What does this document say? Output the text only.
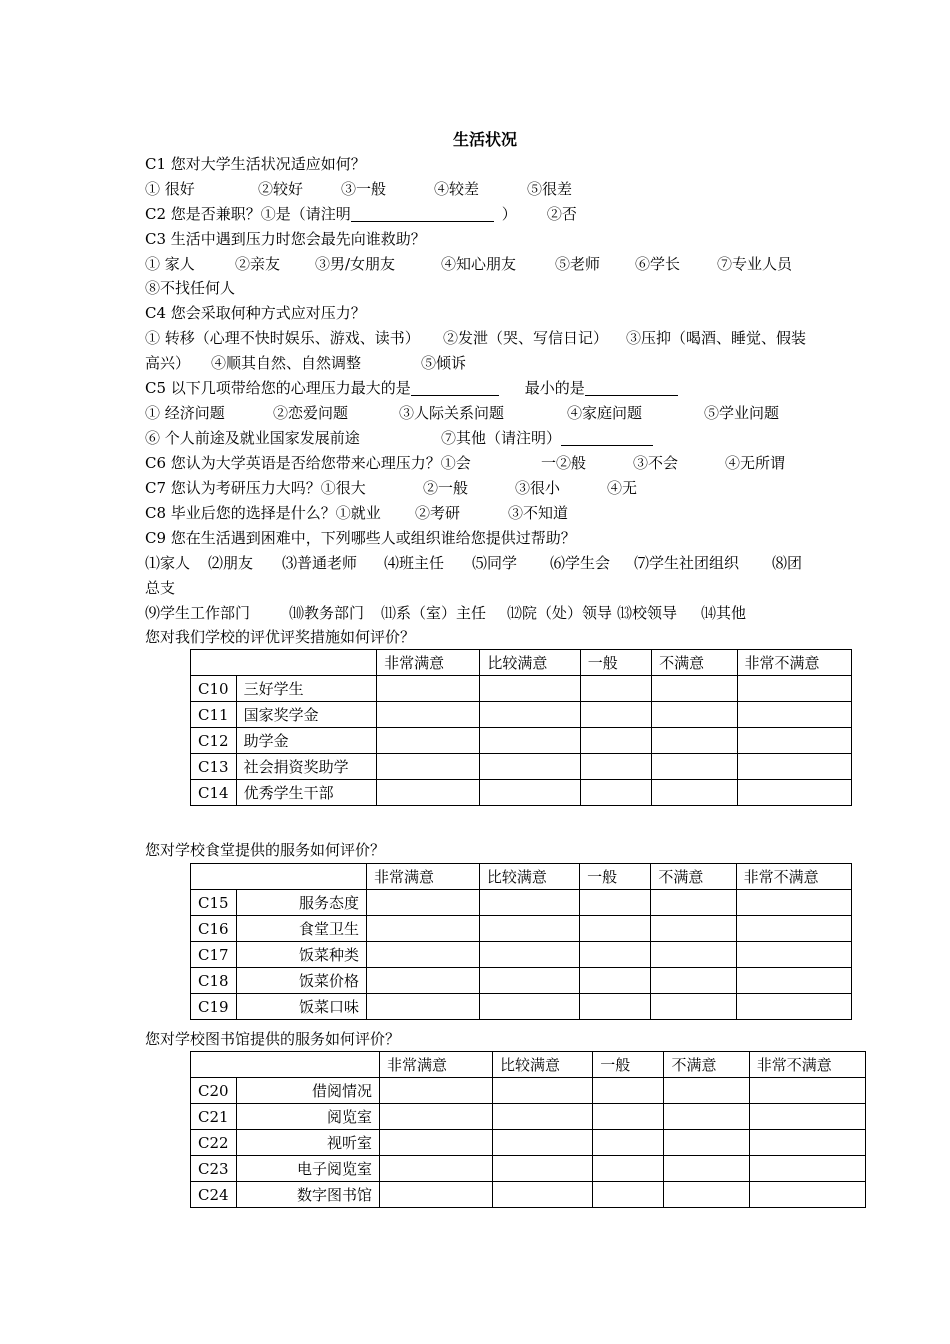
生活状况
C1 您对大学生活状况适应如何？
① 很好	②较好	③一般	④较差	⑤很差
C2 您是否兼职？①是（请注明	） ②否
C3 生活中遇到压力时您会最先向谁救助？
① 家人	②亲友 ③男/女朋友	④知心朋友	⑤老师 ⑥学长 ⑦专业人员
⑧不找任何人
C4 您会采取何种方式应对压力？
① 转移（心理不快时娱乐、游戏、读书） ②发泄（哭、写信日记） ③压抑（喝酒、睡觉、假装
高兴） ④顺其自然、自然调整	⑤倾诉
C5 以下几项带给您的心理压力最大的是	最小的是
① 经济问题	②恋爱问题	③人际关系问题	④家庭问题	⑤学业问题
⑥ 个人前途及就业国家发展前途	⑦其他（请注明）
C6 您认为大学英语是否给您带来心理压力？①会	一②般	③不会	④无所谓
C7 您认为考研压力大吗？①很大	②一般	③很小	④无
C8 毕业后您的选择是什么？①就业 ②考研	③不知道
C9 您在生活遇到困难中，下列哪些人或组织谁给您提供过帮助？
⑴家人 ⑵朋友 ⑶普通老师 ⑷班主任 ⑸同学 ⑹学生会 ⑺学生社团组织 ⑻团
总支
⑼学生工作部门	⑽教务部门 ⑾系（室）主任 ⑿院（处）领导 ⒀校领导 ⒁其他
您对我们学校的评优评奖措施如何评价？
		非常满意	比较满意	一般	不满意	非常不满意
C10	三好学生					
C11	国家奖学金					
C12	助学金					
C13	社会捐资奖助学					
C14	优秀学生干部					
您对学校食堂提供的服务如何评价？
		非常满意	比较满意	一般	不满意	非常不满意
C15	服务态度					
C16	食堂卫生					
C17	饭菜种类					
C18	饭菜价格					
C19	饭菜口味					
您对学校图书馆提供的服务如何评价？
		非常满意	比较满意	一般	不满意	非常不满意
C20	借阅情况					
C21	阅览室					
C22	视听室					
C23	电子阅览室					
C24	数字图书馆					
